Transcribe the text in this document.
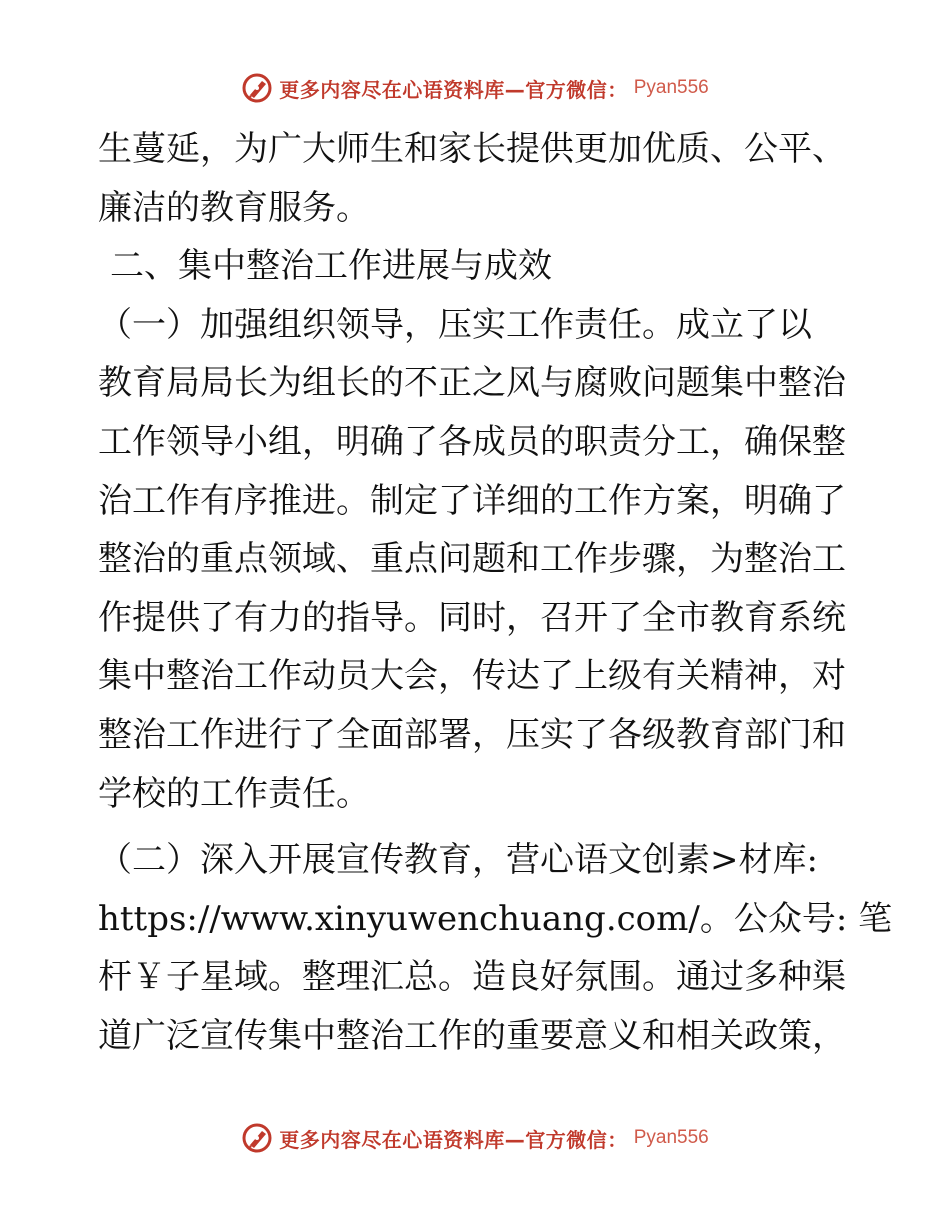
更多内容尽在心语资料库—官方微信： Pyan556
生蔓延，为广大师生和家长提供更加优质、公平、
廉洁的教育服务。
二、集中整治工作进展与成效
（一）加强组织领导，压实工作责任。成立了以
教育局局长为组长的不正之风与腐败问题集中整治
工作领导小组，明确了各成员的职责分工，确保整
治工作有序推进。制定了详细的工作方案，明确了
整治的重点领域、重点问题和工作步骤，为整治工
作提供了有力的指导。同时，召开了全市教育系统
集中整治工作动员大会，传达了上级有关精神，对
整治工作进行了全面部署，压实了各级教育部门和
学校的工作责任。
（二）深入开展宣传教育，营心语文创素>材库:
https://www.xinyuwenchuang.com/。公众号: 笔
杆￥子星域。整理汇总。造良好氛围。通过多种渠
道广泛宣传集中整治工作的重要意义和相关政策，
更多内容尽在心语资料库—官方微信： Pyan556
